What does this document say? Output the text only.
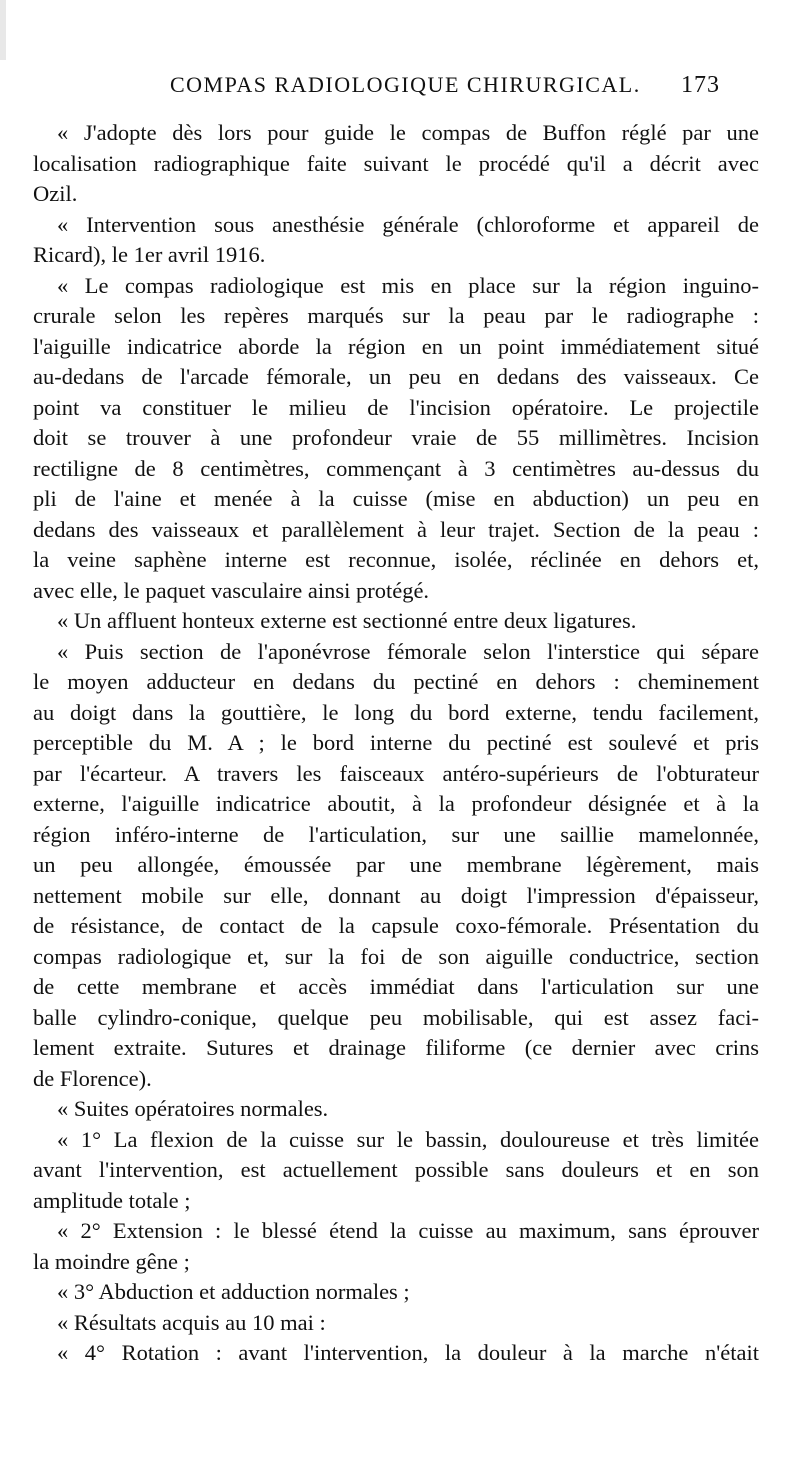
COMPAS RADIOLOGIQUE CHIRURGICAL. 173
« J'adopte dès lors pour guide le compas de Buffon réglé par une
localisation radiographique faite suivant le procédé qu'il a décrit avec
Ozil.
« Intervention sous anesthésie générale (chloroforme et appareil de
Ricard), le 1er avril 1916.
« Le compas radiologique est mis en place sur la région inguino-
crurale selon les repères marqués sur la peau par le radiographe :
l'aiguille indicatrice aborde la région en un point immédiatement situé
au-dedans de l'arcade fémorale, un peu en dedans des vaisseaux. Ce
point va constituer le milieu de l'incision opératoire. Le projectile
doit se trouver à une profondeur vraie de 55 millimètres. Incision
rectiligne de 8 centimètres, commençant à 3 centimètres au-dessus du
pli de l'aine et menée à la cuisse (mise en abduction) un peu en
dedans des vaisseaux et parallèlement à leur trajet. Section de la peau :
la veine saphène interne est reconnue, isolée, réclinée en dehors et,
avec elle, le paquet vasculaire ainsi protégé.
« Un affluent honteux externe est sectionné entre deux ligatures.
« Puis section de l'aponévrose fémorale selon l'interstice qui sépare
le moyen adducteur en dedans du pectiné en dehors : cheminement
au doigt dans la gouttière, le long du bord externe, tendu facilement,
perceptible du M. A ; le bord interne du pectiné est soulevé et pris
par l'écarteur. A travers les faisceaux antéro-supérieurs de l'obturateur
externe, l'aiguille indicatrice aboutit, à la profondeur désignée et à la
région inféro-interne de l'articulation, sur une saillie mamelonnée,
un peu allongée, émoussée par une membrane légèrement, mais
nettement mobile sur elle, donnant au doigt l'impression d'épaisseur,
de résistance, de contact de la capsule coxo-fémorale. Présentation du
compas radiologique et, sur la foi de son aiguille conductrice, section
de cette membrane et accès immédiat dans l'articulation sur une
balle cylindro-conique, quelque peu mobilisable, qui est assez faci-
lement extraite. Sutures et drainage filiforme (ce dernier avec crins
de Florence).
« Suites opératoires normales.
« 1° La flexion de la cuisse sur le bassin, douloureuse et très limitée
avant l'intervention, est actuellement possible sans douleurs et en son
amplitude totale ;
« 2° Extension : le blessé étend la cuisse au maximum, sans éprouver
la moindre gêne ;
« 3° Abduction et adduction normales ;
« Résultats acquis au 10 mai :
« 4° Rotation : avant l'intervention, la douleur à la marche n'était
